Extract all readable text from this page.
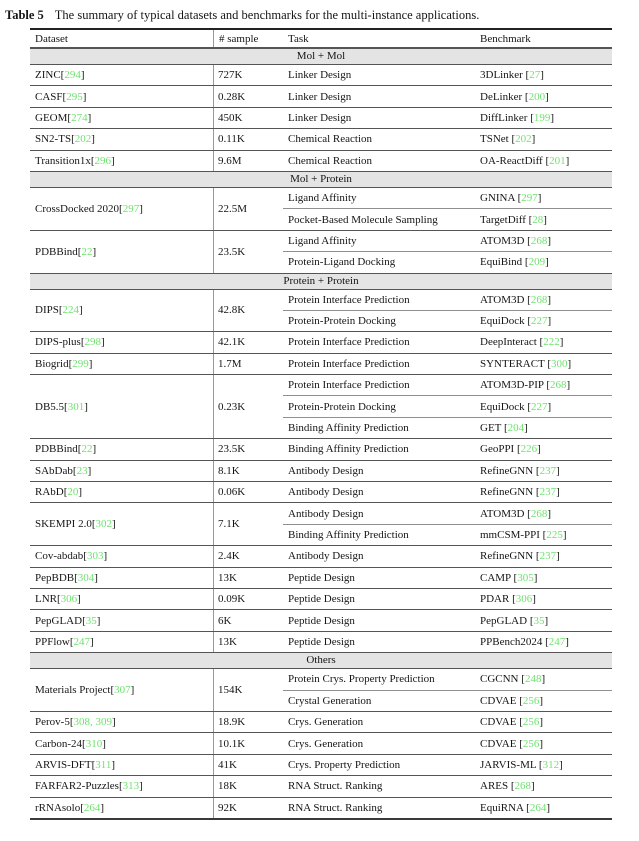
Table 5 The summary of typical datasets and benchmarks for the multi-instance applications.
Dataset	# sample	Task	Benchmark
Mol + Mol
ZINC [ 294 ]	727K	Linker Design	3DLinker [27]
CASF [ 295 ]	0.28K	Linker Design	DeLinker [200]
GEOM [ 274 ]	450K	Linker Design	DiffLinker [199]
SN2-TS [ 202 ]	0.11K	Chemical Reaction	TSNet [202]
Transition1x [ 296 ]	9.6M	Chemical Reaction	OA-ReactDiff [201]
Mol + Protein
CrossDocked 2020 [ 297 ]	22.5M
Ligand Affinity	GNINA [297]
Pocket-Based Molecule Sampling	TargetDiff [28]
PDBBind [ 22 ]	23.5K
Ligand Affinity	ATOM3D [268]
Protein-Ligand Docking	EquiBind [209]
Protein + Protein
DIPS [ 224 ]	42.8K
Protein Interface Prediction	ATOM3D [268]
Protein-Protein Docking	EquiDock [227]
DIPS-plus [ 298 ]	42.1K	Protein Interface Prediction	DeepInteract [222]
Biogrid [ 299 ]	1.7M	Protein Interface Prediction	SYNTERACT [300]
DB5.5 [ 301 ]	0.23K
Protein Interface Prediction	ATOM3D-PIP [268]
Protein-Protein Docking	EquiDock [227]
Binding Affinity Prediction	GET [204]
PDBBind [ 22 ]	23.5K	Binding Affinity Prediction	GeoPPI [226]
SAbDab [ 23 ]	8.1K	Antibody Design	RefineGNN [237]
RAbD [ 20 ]	0.06K	Antibody Design	RefineGNN [237]
SKEMPI 2.0 [ 302 ]	7.1K
Antibody Design	ATOM3D [268]
Binding Affinity Prediction	mmCSM-PPI [225]
Cov-abdab [ 303 ]	2.4K	Antibody Design	RefineGNN [237]
PepBDB [ 304 ]	13K	Peptide Design	CAMP [305]
LNR [ 306 ]	0.09K	Peptide Design	PDAR [306]
PepGLAD [ 35 ]	6K	Peptide Design	PepGLAD [35]
PPFlow [ 247 ]	13K	Peptide Design	PPBench2024 [247]
Others
Materials Project [ 307 ]	154K
Protein Crys. Property Prediction	CGCNN [248]
Crystal Generation	CDVAE [256]
Perov-5 [ 308, 309 ]	18.9K	Crys. Generation	CDVAE [256]
Carbon-24 [ 310 ]	10.1K	Crys. Generation	CDVAE [256]
ARVIS-DFT [ 311 ]	41K	Crys. Property Prediction	JARVIS-ML [312]
FARFAR2-Puzzles [ 313 ]	18K	RNA Struct. Ranking	ARES [268]
rRNAsolo [ 264 ]	92K	RNA Struct. Ranking	EquiRNA [264]
